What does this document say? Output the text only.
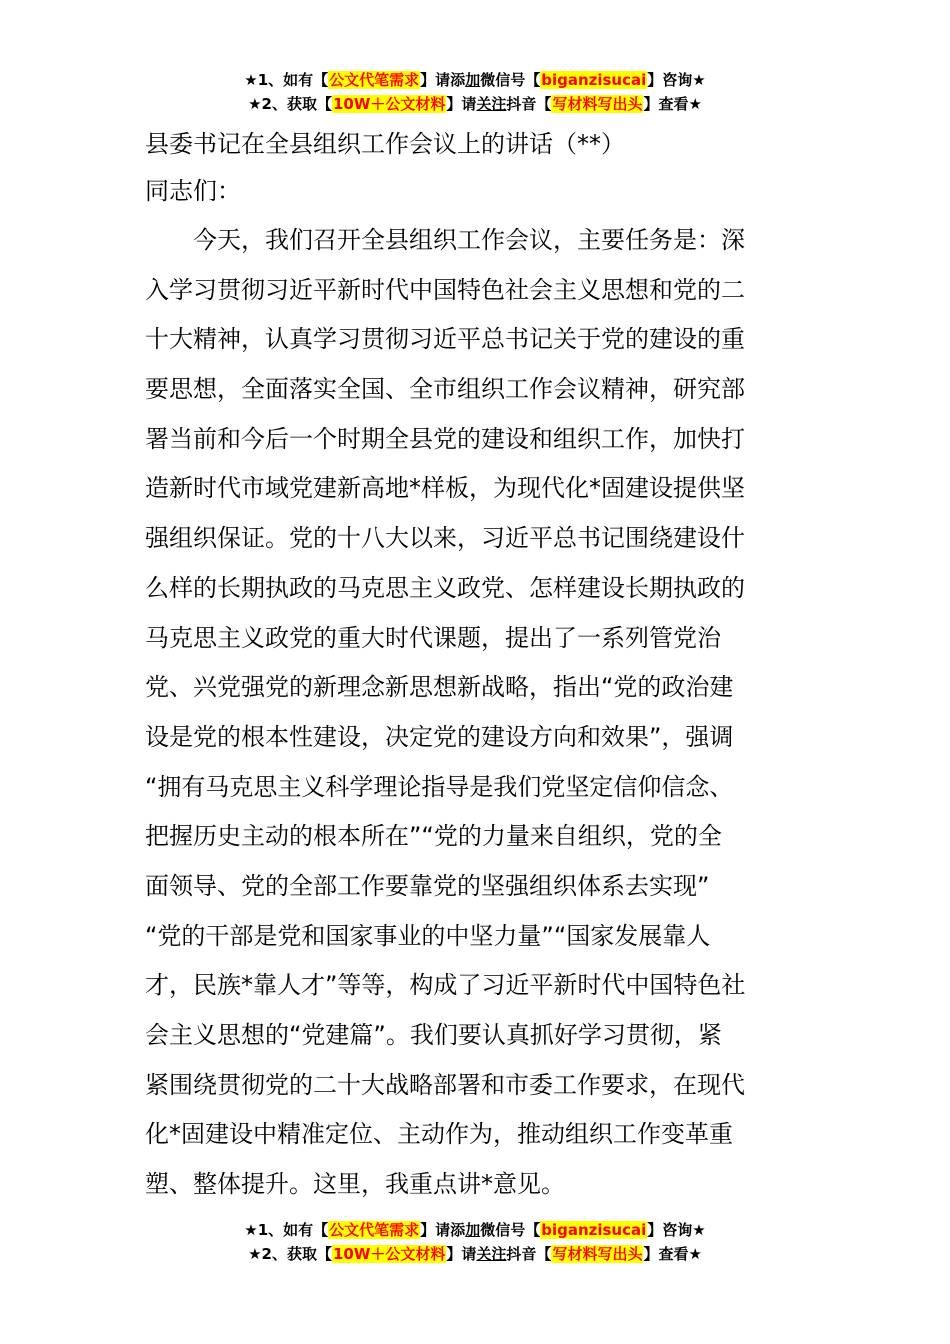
★1、如有【公文代笔需求】请添加微信号【biganzisucai】咨询★
★2、获取【10W＋公文材料】请关注抖音【写材料写出头】查看★
县委书记在全县组织工作会议上的讲话（**）
同志们：
今天，我们召开全县组织工作会议，主要任务是：深
入学习贯彻习近平新时代中国特色社会主义思想和党的二
十大精神，认真学习贯彻习近平总书记关于党的建设的重
要思想，全面落实全国、全市组织工作会议精神，研究部
署当前和今后一个时期全县党的建设和组织工作，加快打
造新时代市域党建新高地*样板，为现代化*固建设提供坚
强组织保证。党的十八大以来，习近平总书记围绕建设什
么样的长期执政的马克思主义政党、怎样建设长期执政的
马克思主义政党的重大时代课题，提出了一系列管党治
党、兴党强党的新理念新思想新战略，指出“党的政治建
设是党的根本性建设，决定党的建设方向和效果”，强调
“拥有马克思主义科学理论指导是我们党坚定信仰信念、
把握历史主动的根本所在”“党的力量来自组织，党的全
面领导、党的全部工作要靠党的坚强组织体系去实现”
“党的干部是党和国家事业的中坚力量”“国家发展靠人
才，民族*靠人才”等等，构成了习近平新时代中国特色社
会主义思想的“党建篇”。我们要认真抓好学习贯彻，紧
紧围绕贯彻党的二十大战略部署和市委工作要求，在现代
化*固建设中精准定位、主动作为，推动组织工作变革重
塑、整体提升。这里，我重点讲*意见。
★1、如有【公文代笔需求】请添加微信号【biganzisucai】咨询★
★2、获取【10W＋公文材料】请关注抖音【写材料写出头】查看★
